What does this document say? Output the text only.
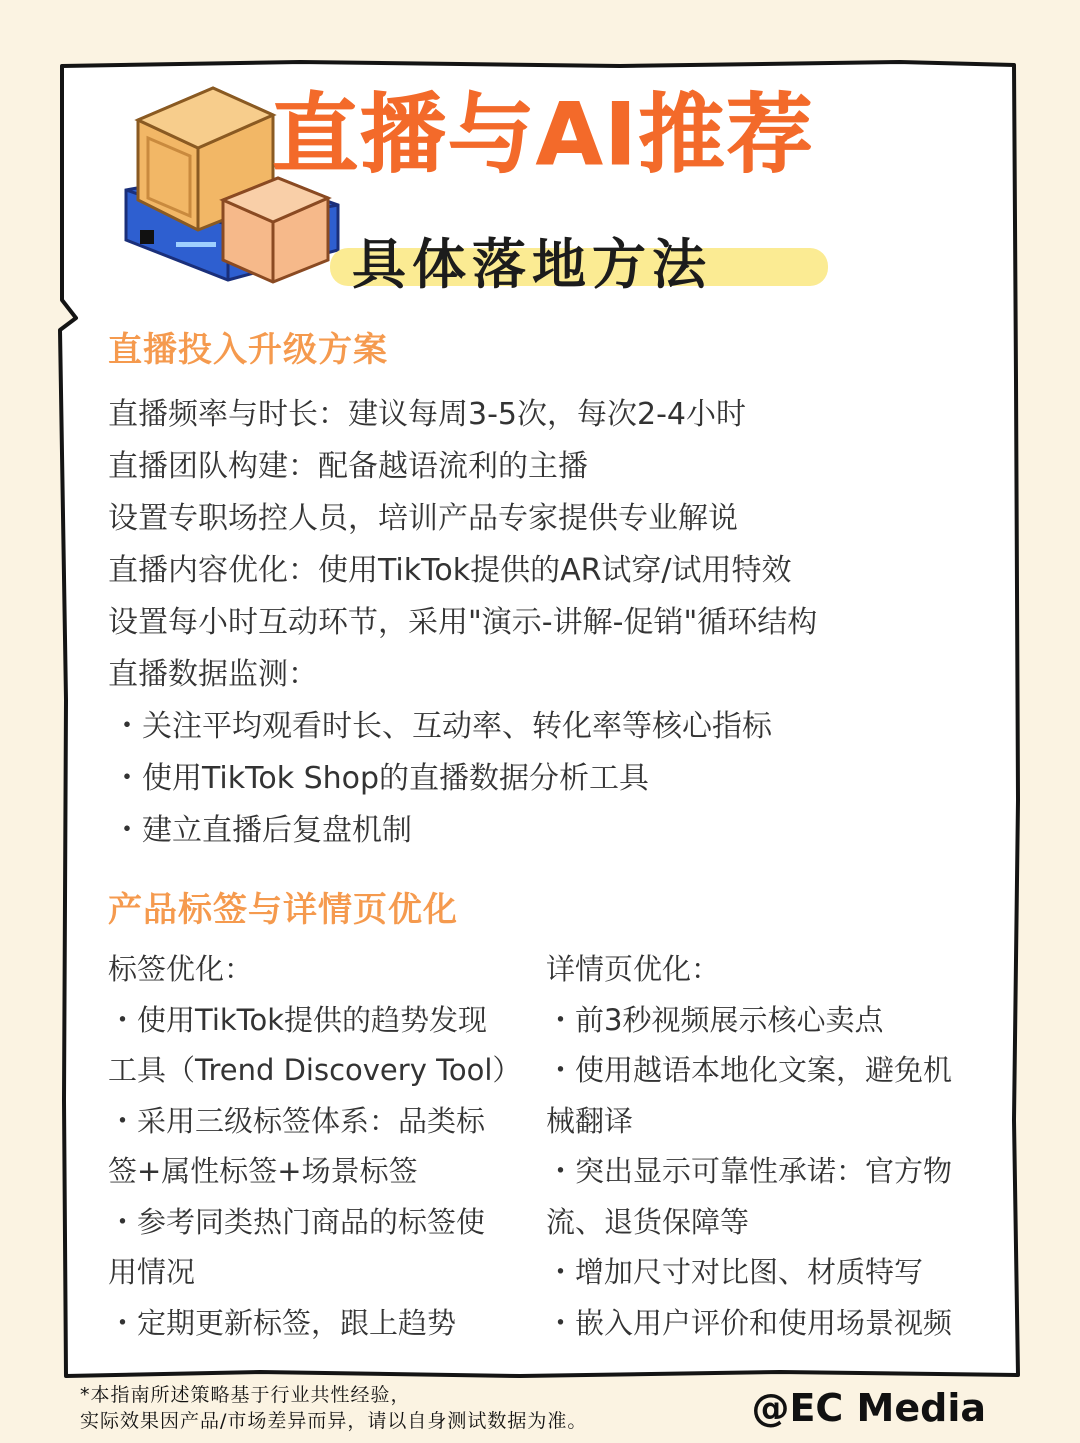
直播与AI推荐
具体落地方法
直播投入升级方案
直播频率与时长：建议每周3-5次，每次2-4小时
直播团队构建：配备越语流利的主播
设置专职场控人员，培训产品专家提供专业解说
直播内容优化：使用TikTok提供的AR试穿/试用特效
设置每小时互动环节，采用"演示-讲解-促销"循环结构
直播数据监测：
・关注平均观看时长、互动率、转化率等核心指标
・使用TikTok Shop的直播数据分析工具
・建立直播后复盘机制
产品标签与详情页优化
标签优化：
・使用TikTok提供的趋势发现
工具（Trend Discovery Tool）
・采用三级标签体系：品类标
签+属性标签+场景标签
・参考同类热门商品的标签使
用情况
・定期更新标签，跟上趋势
详情页优化：
・前3秒视频展示核心卖点
・使用越语本地化文案，避免机
械翻译
・突出显示可靠性承诺：官方物
流、退货保障等
・增加尺寸对比图、材质特写
・嵌入用户评价和使用场景视频
*本指南所述策略基于行业共性经验，
实际效果因产品/市场差异而异，请以自身测试数据为准。	@EC Media
